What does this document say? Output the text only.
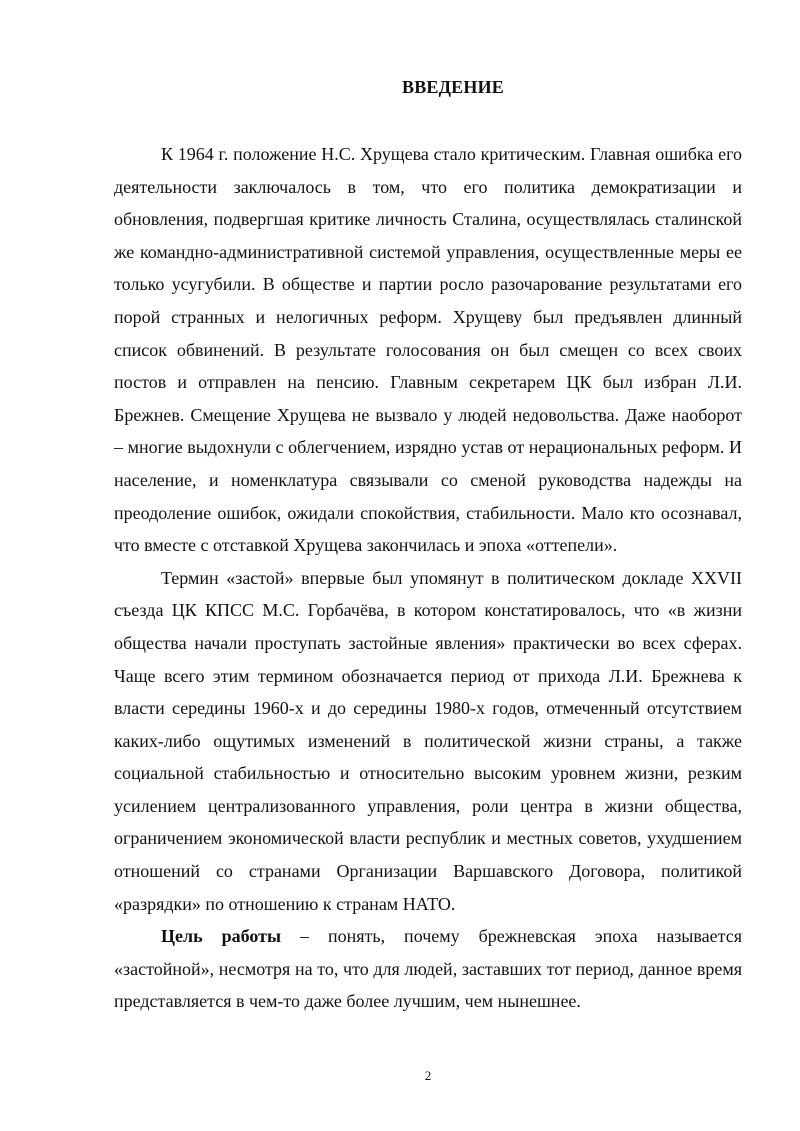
ВВЕДЕНИЕ

К 1964 г. положение Н.С. Хрущева стало критическим. Главная ошибка его деятельности заключалось в том, что его политика демократизации и обновления, подвергшая критике личность Сталина, осуществлялась сталинской же командно-административной системой управления, осуществленные меры ее только усугубили. В обществе и партии росло разочарование результатами его порой странных и нелогичных реформ. Хрущеву был предъявлен длинный список обвинений. В результате голосования он был смещен со всех своих постов и отправлен на пенсию. Главным секретарем ЦК был избран Л.И. Брежнев. Смещение Хрущева не вызвало у людей недовольства. Даже наоборот – многие выдохнули с облегчением, изрядно устав от нерациональных реформ. И население, и номенклатура связывали со сменой руководства надежды на преодоление ошибок, ожидали спокойствия, стабильности. Мало кто осознавал, что вместе с отставкой Хрущева закончилась и эпоха «оттепели».

Термин «застой» впервые был упомянут в политическом докладе XXVII съезда ЦК КПСС М.С. Горбачёва, в котором констатировалось, что «в жизни общества начали проступать застойные явления» практически во всех сферах. Чаще всего этим термином обозначается период от прихода Л.И. Брежнева к власти середины 1960-х и до середины 1980-х годов, отмеченный отсутствием каких-либо ощутимых изменений в политической жизни страны, а также социальной стабильностью и относительно высоким уровнем жизни, резким усилением централизованного управления, роли центра в жизни общества, ограничением экономической власти республик и местных советов, ухудшением отношений со странами Организации Варшавского Договора, политикой «разрядки» по отношению к странам НАТО.

Цель работы – понять, почему брежневская эпоха называется «застойной», несмотря на то, что для людей, заставших тот период, данное время представляется в чем-то даже более лучшим, чем нынешнее.

2
